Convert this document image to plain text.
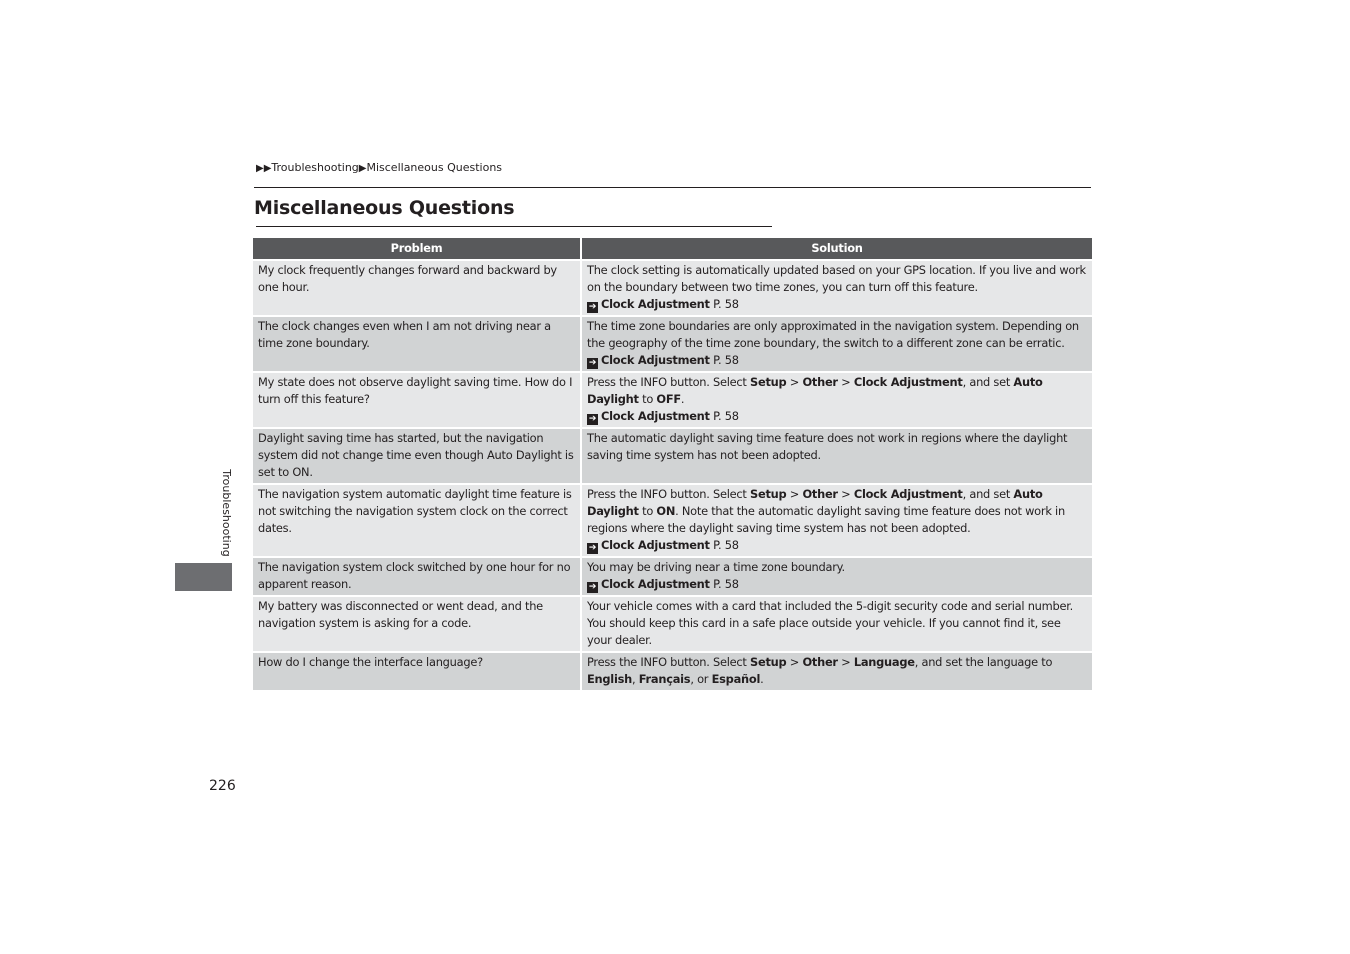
▶▶Troubleshooting▶Miscellaneous Questions
Miscellaneous Questions
Troubleshooting
Problem	Solution
My clock frequently changes forward and backward by one hour.	The clock setting is automatically updated based on your GPS location. If you live and work on the boundary between two time zones, you can turn off this feature.
➔ Clock Adjustment P. 58
The clock changes even when I am not driving near a time zone boundary.	The time zone boundaries are only approximated in the navigation system. Depending on the geography of the time zone boundary, the switch to a different zone can be erratic.
➔ Clock Adjustment P. 58
My state does not observe daylight saving time. How do I turn off this feature?	Press the INFO button. Select Setup > Other > Clock Adjustment, and set Auto Daylight to OFF.
➔ Clock Adjustment P. 58
Daylight saving time has started, but the navigation system did not change time even though Auto Daylight is set to ON.	The automatic daylight saving time feature does not work in regions where the daylight saving time system has not been adopted.
The navigation system automatic daylight time feature is not switching the navigation system clock on the correct dates.	Press the INFO button. Select Setup > Other > Clock Adjustment, and set Auto Daylight to ON. Note that the automatic daylight saving time feature does not work in regions where the daylight saving time system has not been adopted.
➔ Clock Adjustment P. 58
The navigation system clock switched by one hour for no apparent reason.	You may be driving near a time zone boundary.
➔ Clock Adjustment P. 58
My battery was disconnected or went dead, and the navigation system is asking for a code.	Your vehicle comes with a card that included the 5-digit security code and serial number. You should keep this card in a safe place outside your vehicle. If you cannot find it, see your dealer.
How do I change the interface language?	Press the INFO button. Select Setup > Other > Language, and set the language to English, Français, or Español.
226
